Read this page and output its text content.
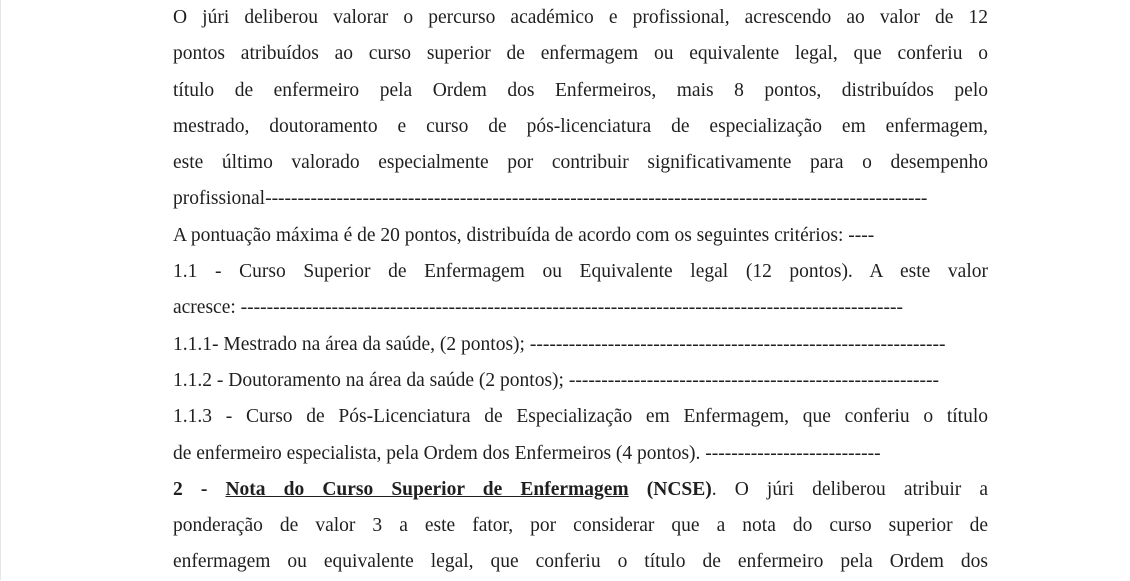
O júri deliberou valorar o percurso académico e profissional, acrescendo ao valor de 12
pontos atribuídos ao curso superior de enfermagem ou equivalente legal, que conferiu o
título de enfermeiro pela Ordem dos Enfermeiros, mais 8 pontos, distribuídos pelo
mestrado, doutoramento e curso de pós-licenciatura de especialização em enfermagem,
este último valorado especialmente por contribuir significativamente para o desempenho
profissional------------------------------------------------------------------------------------------------------
A pontuação máxima é de 20 pontos, distribuída de acordo com os seguintes critérios: ----
1.1 - Curso Superior de Enfermagem ou Equivalente legal (12 pontos). A este valor
acresce: ------------------------------------------------------------------------------------------------------
1.1.1- Mestrado na área da saúde, (2 pontos); ----------------------------------------------------------------
1.1.2 - Doutoramento na área da saúde (2 pontos); ---------------------------------------------------------
1.1.3 - Curso de Pós-Licenciatura de Especialização em Enfermagem, que conferiu o título
de enfermeiro especialista, pela Ordem dos Enfermeiros (4 pontos). ---------------------------
2 - Nota do Curso Superior de Enfermagem (NCSE). O júri deliberou atribuir a
ponderação de valor 3 a este fator, por considerar que a nota do curso superior de
enfermagem ou equivalente legal, que conferiu o título de enfermeiro pela Ordem dos
